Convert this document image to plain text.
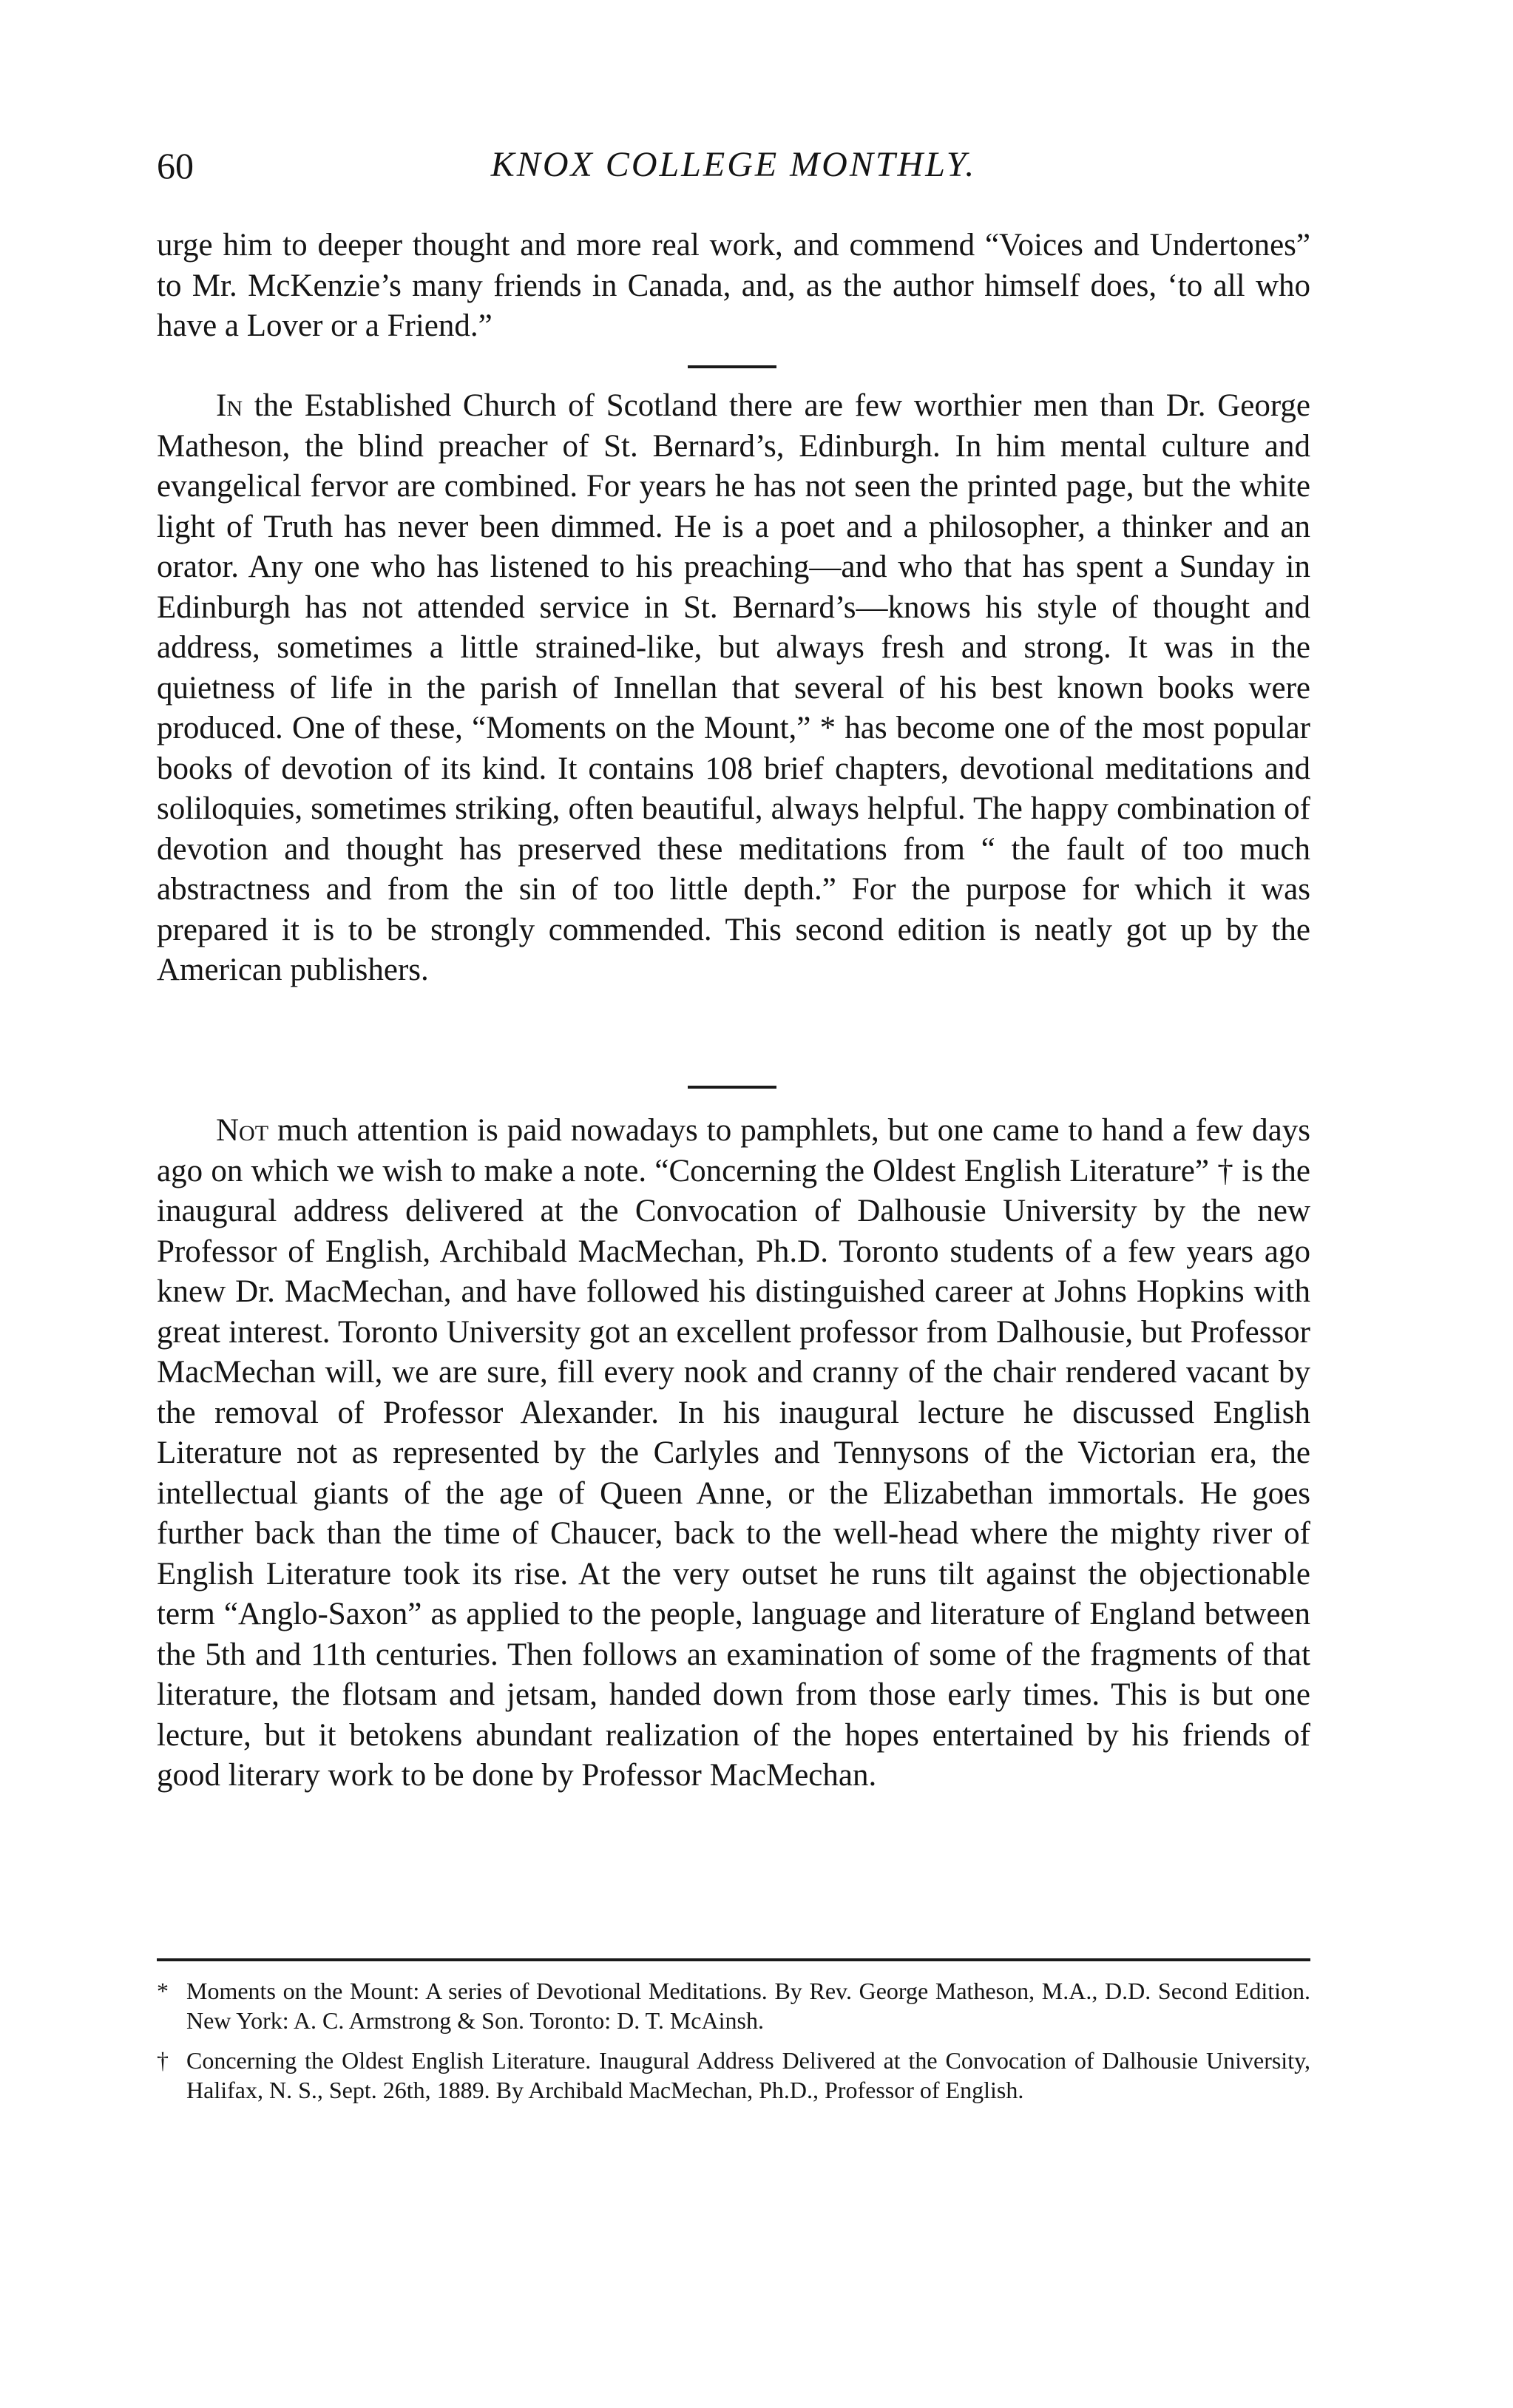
60	KNOX COLLEGE MONTHLY.

urge him to deeper thought and more real work, and commend “Voices and Undertones” to Mr. McKenzie’s many friends in Canada, and, as the author himself does, ‘to all who have a Lover or a Friend.”

In the Established Church of Scotland there are few worthier men than Dr. George Matheson, the blind preacher of St. Bernard’s, Edinburgh. In him mental culture and evangelical fervor are combined. For years he has not seen the printed page, but the white light of Truth has never been dimmed. He is a poet and a philosopher, a thinker and an orator. Any one who has listened to his preaching—and who that has spent a Sunday in Edinburgh has not attended service in St. Bernard’s—knows his style of thought and address, sometimes a little strained-like, but always fresh and strong. It was in the quietness of life in the parish of Innellan that several of his best known books were produced. One of these, “Moments on the Mount,” * has become one of the most popular books of devotion of its kind. It contains 108 brief chapters, devotional meditations and soliloquies, sometimes striking, often beautiful, always helpful. The happy combination of devotion and thought has preserved these meditations from “ the fault of too much abstractness and from the sin of too little depth.” For the purpose for which it was prepared it is to be strongly commended. This second edition is neatly got up by the American publishers.

Not much attention is paid nowadays to pamphlets, but one came to hand a few days ago on which we wish to make a note. “Concerning the Oldest English Literature” † is the inaugural address delivered at the Convocation of Dalhousie University by the new Professor of English, Archibald MacMechan, Ph.D. Toronto students of a few years ago knew Dr. MacMechan, and have followed his distinguished career at Johns Hopkins with great interest. Toronto University got an excellent professor from Dalhousie, but Professor MacMechan will, we are sure, fill every nook and cranny of the chair rendered vacant by the removal of Professor Alexander. In his inaugural lecture he discussed English Literature not as represented by the Carlyles and Tennysons of the Victorian era, the intellectual giants of the age of Queen Anne, or the Elizabethan immortals. He goes further back than the time of Chaucer, back to the well-head where the mighty river of English Literature took its rise. At the very outset he runs tilt against the objectionable term “Anglo-Saxon” as applied to the people, language and literature of England between the 5th and 11th centuries. Then follows an examination of some of the fragments of that literature, the flotsam and jetsam, handed down from those early times. This is but one lecture, but it betokens abundant realization of the hopes entertained by his friends of good literary work to be done by Professor MacMechan.

* Moments on the Mount: A series of Devotional Meditations. By Rev. George Matheson, M.A., D.D. Second Edition. New York: A. C. Armstrong & Son. Toronto: D. T. McAinsh.

† Concerning the Oldest English Literature. Inaugural Address Delivered at the Convocation of Dalhousie University, Halifax, N. S., Sept. 26th, 1889. By Archibald MacMechan, Ph.D., Professor of English.
